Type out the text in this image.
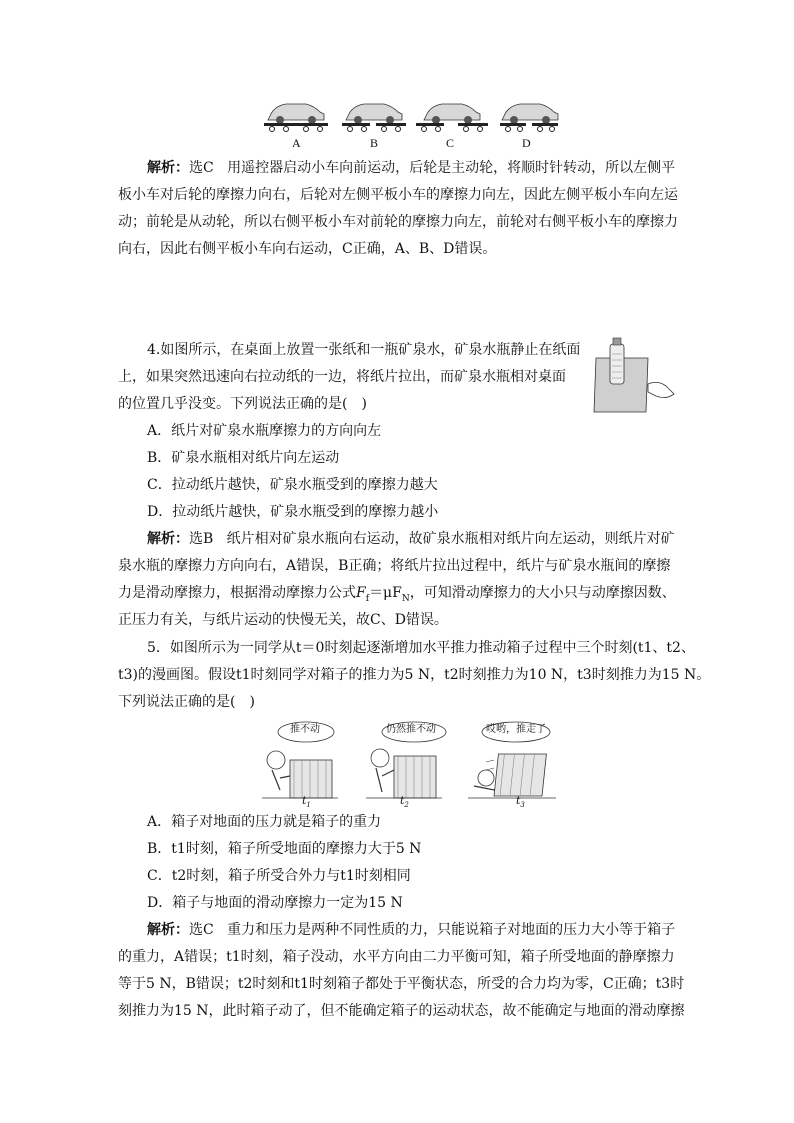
A	B	C	D
解析：选C 用遥控器启动小车向前运动，后轮是主动轮，将顺时针转动，所以左侧平
板小车对后轮的摩擦力向右，后轮对左侧平板小车的摩擦力向左，因此左侧平板小车向左运
动；前轮是从动轮，所以右侧平板小车对前轮的摩擦力向左，前轮对右侧平板小车的摩擦力
向右，因此右侧平板小车向右运动，C正确，A、B、D错误。
4.如图所示，在桌面上放置一张纸和一瓶矿泉水，矿泉水瓶静止在纸面
上，如果突然迅速向右拉动纸的一边，将纸片拉出，而矿泉水瓶相对桌面
的位置几乎没变。下列说法正确的是(　)
A．纸片对矿泉水瓶摩擦力的方向向左
B．矿泉水瓶相对纸片向左运动
C．拉动纸片越快，矿泉水瓶受到的摩擦力越大
D．拉动纸片越快，矿泉水瓶受到的摩擦力越小
解析：选B 纸片相对矿泉水瓶向右运动，故矿泉水瓶相对纸片向左运动，则纸片对矿
泉水瓶的摩擦力方向向右，A错误，B正确；将纸片拉出过程中，纸片与矿泉水瓶间的摩擦
力是滑动摩擦力，根据滑动摩擦力公式$F_f=\mu F_N$，可知滑动摩擦力的大小只与动摩擦因数、
正压力有关，与纸片运动的快慢无关，故C、D错误。
5．如图所示为一同学从t＝0时刻起逐渐增加水平推力推动箱子过程中三个时刻(t1、t2、
t3)的漫画图。假设t1时刻同学对箱子的推力为5 N，t2时刻推力为10 N，t3时刻推力为15 N。
下列说法正确的是(　)
推不动	仍然推不动	哎哟，推走了
$t_1$	$t_2$	$t_3$
A．箱子对地面的压力就是箱子的重力
B．t1时刻，箱子所受地面的摩擦力大于5 N
C．t2时刻，箱子所受合外力与t1时刻相同
D．箱子与地面的滑动摩擦力一定为15 N
解析：选C 重力和压力是两种不同性质的力，只能说箱子对地面的压力大小等于箱子
的重力，A错误；t1时刻，箱子没动，水平方向由二力平衡可知，箱子所受地面的静摩擦力
等于5 N，B错误；t2时刻和t1时刻箱子都处于平衡状态，所受的合力均为零，C正确；t3时
刻推力为15 N，此时箱子动了，但不能确定箱子的运动状态，故不能确定与地面的滑动摩擦
